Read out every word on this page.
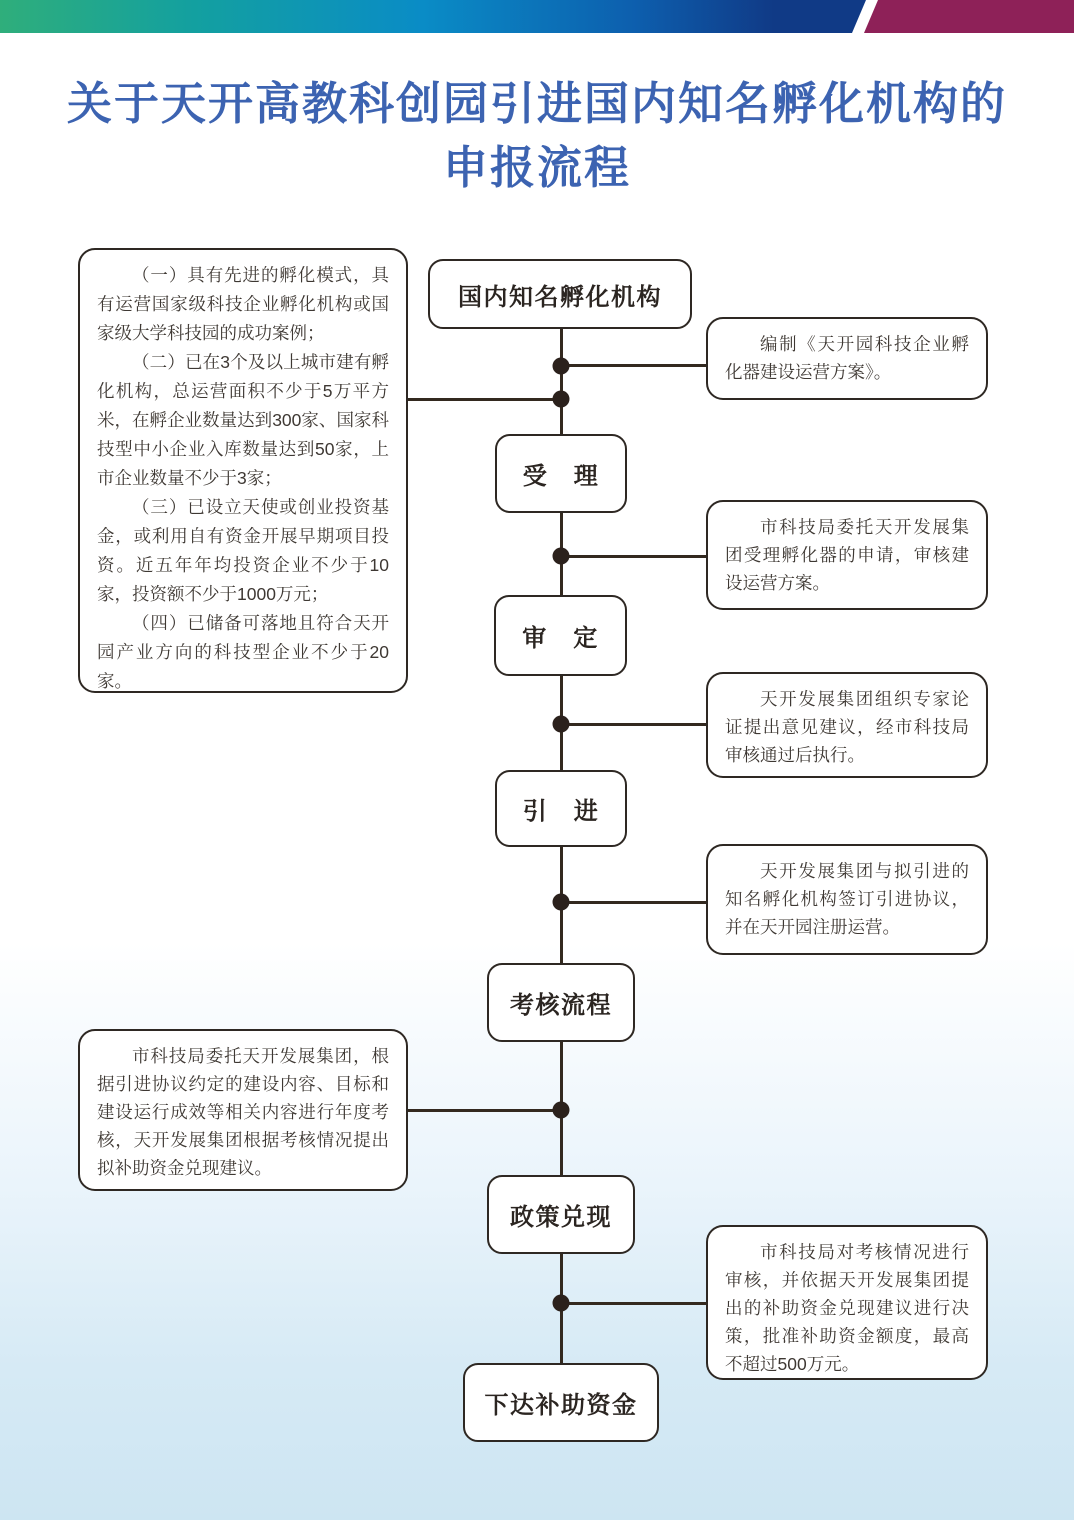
关于天开高教科创园引进国内知名孵化机构的
申报流程
国内知名孵化机构
受　理
审　定
引　进
考核流程
政策兑现
下达补助资金

（一）具有先进的孵化模式，具有运营国家级科技企业孵化机构或国家级大学科技园的成功案例；

（二）已在3个及以上城市建有孵化机构，总运营面积不少于5万平方米，在孵企业数量达到300家、国家科技型中小企业入库数量达到50家，上市企业数量不少于3家；

（三）已设立天使或创业投资基金，或利用自有资金开展早期项目投资。近五年年均投资企业不少于10家，投资额不少于1000万元；

（四）已储备可落地且符合天开园产业方向的科技型企业不少于20家。

市科技局委托天开发展集团，根据引进协议约定的建设内容、目标和建设运行成效等相关内容进行年度考核，天开发展集团根据考核情况提出拟补助资金兑现建议。

编制《天开园科技企业孵化器建设运营方案》。

市科技局委托天开发展集团受理孵化器的申请，审核建设运营方案。

天开发展集团组织专家论证提出意见建议，经市科技局审核通过后执行。

天开发展集团与拟引进的知名孵化机构签订引进协议，并在天开园注册运营。

市科技局对考核情况进行审核，并依据天开发展集团提出的补助资金兑现建议进行决策，批准补助资金额度，最高不超过500万元。
